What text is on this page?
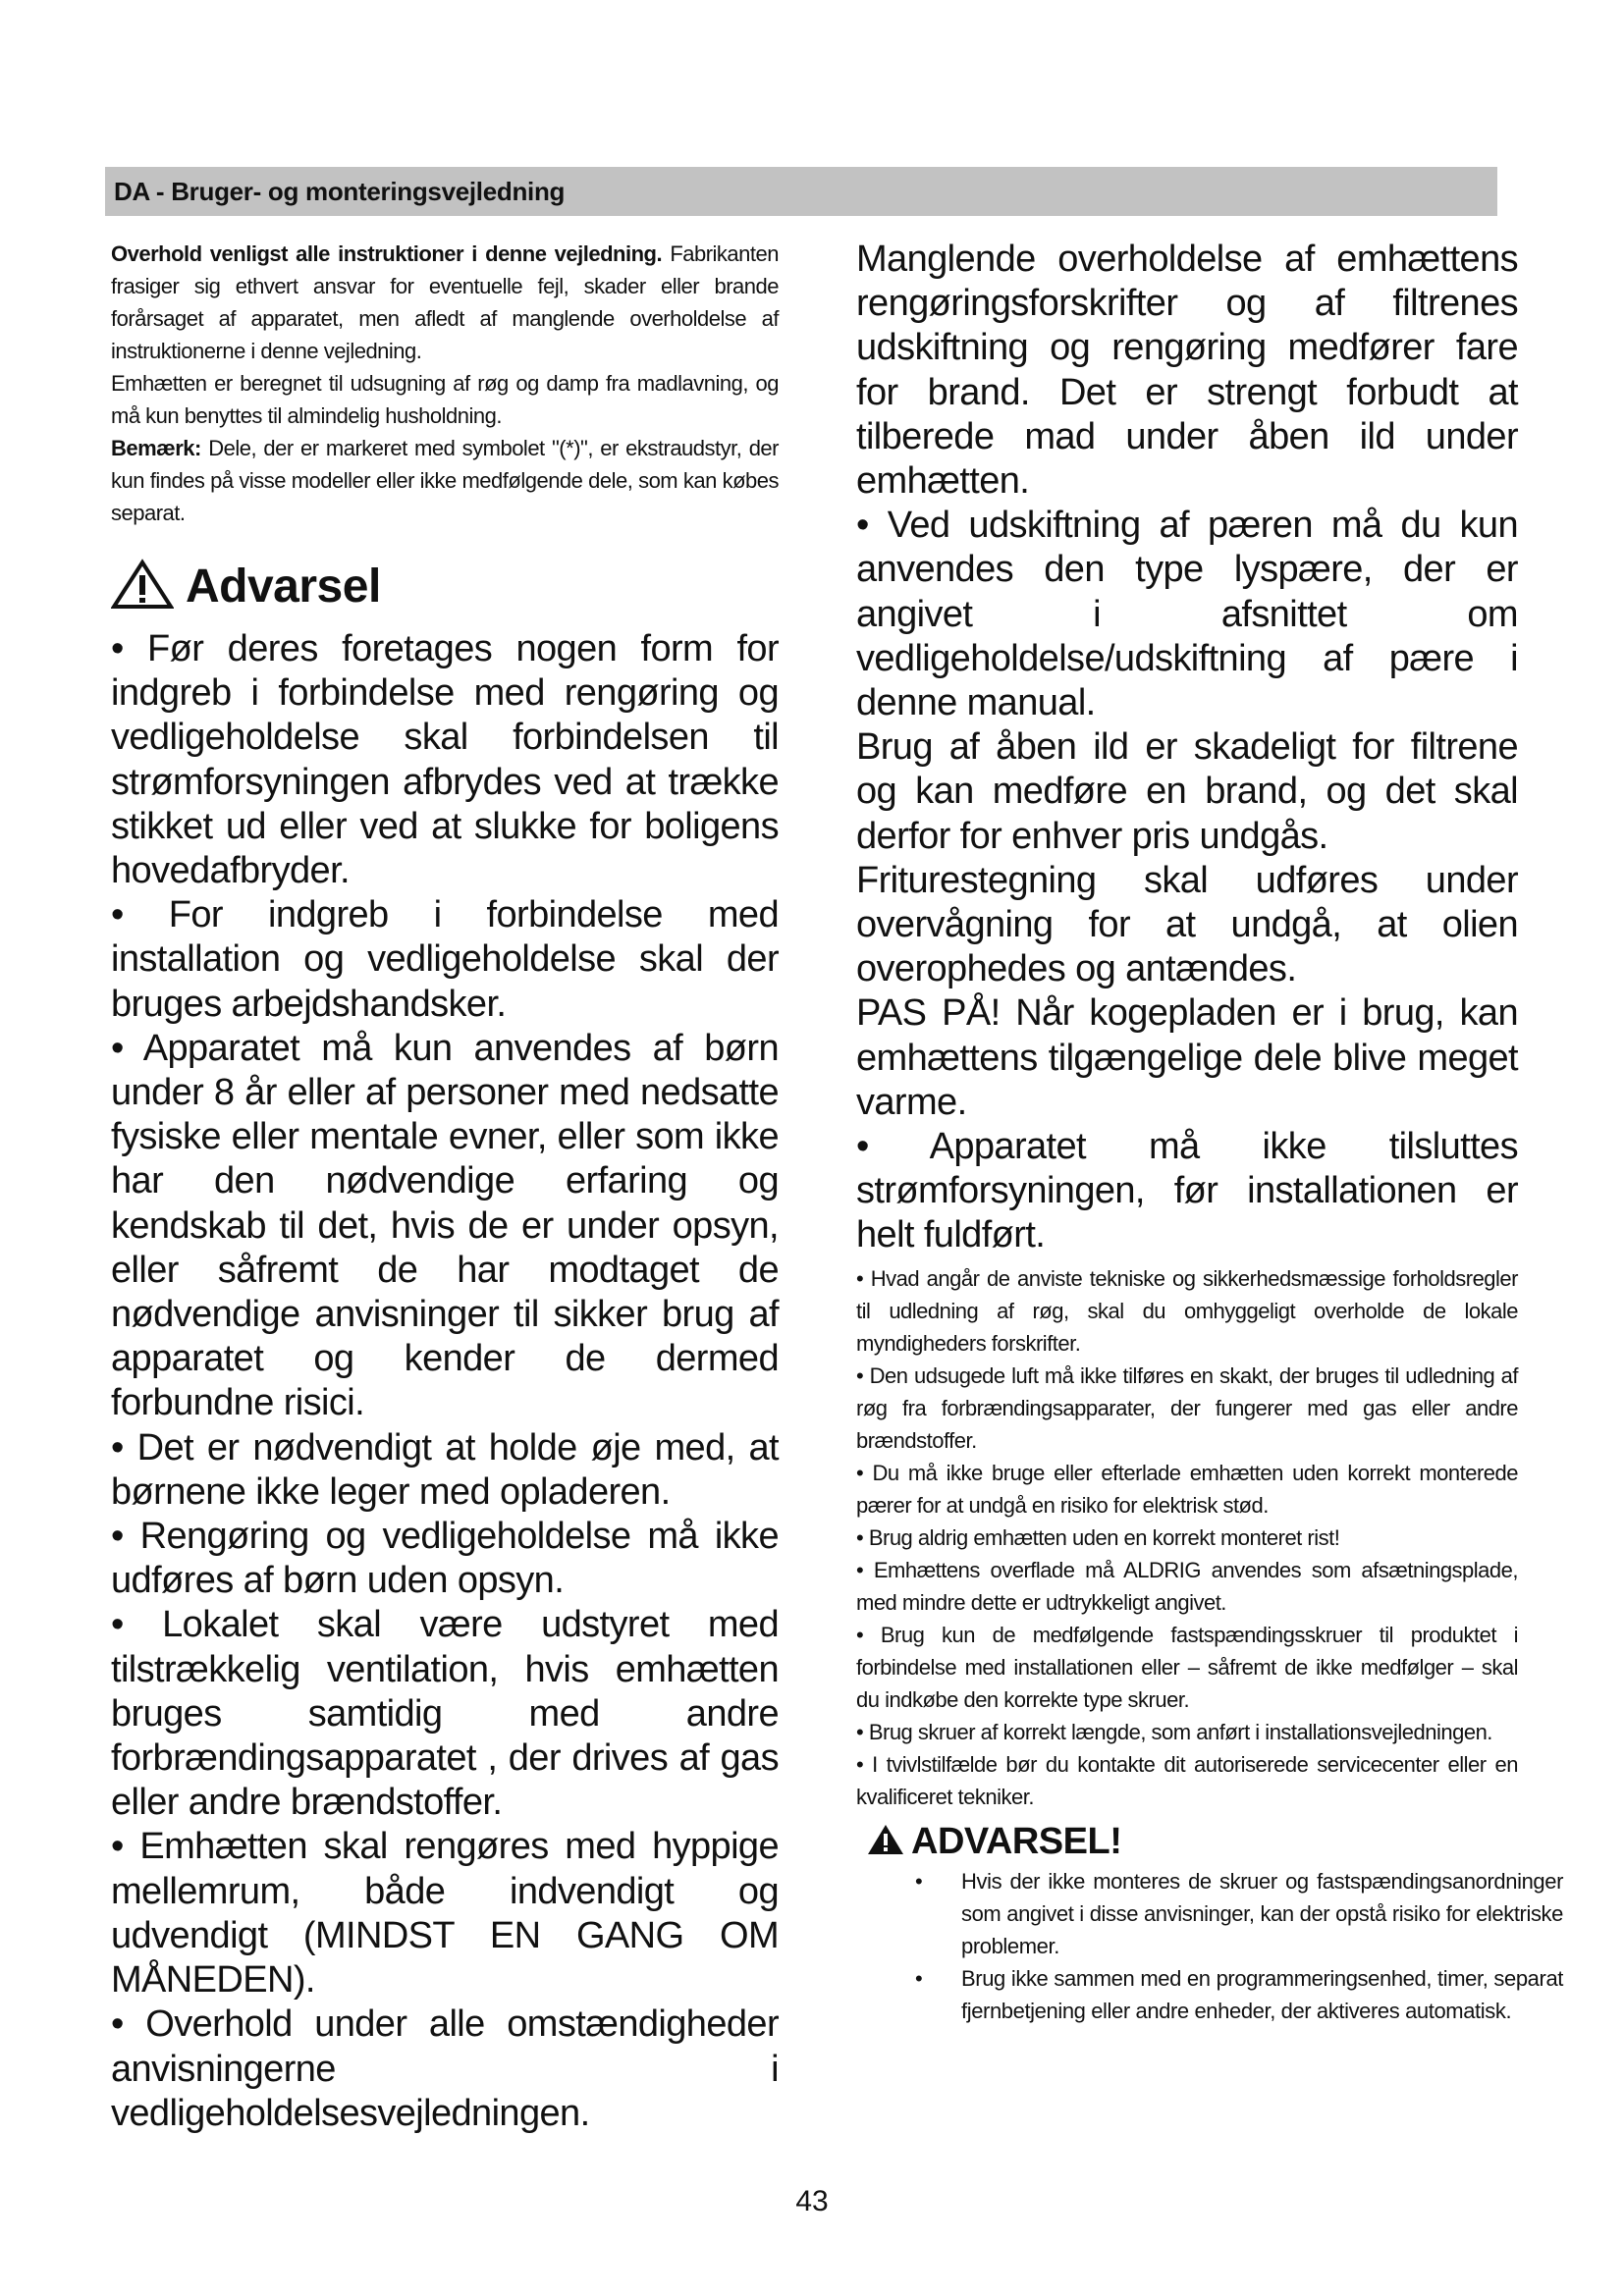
DA - Bruger- og monteringsvejledning

Overhold venligst alle instruktioner i denne vejledning. Fabrikanten frasiger sig ethvert ansvar for eventuelle fejl, skader eller brande forårsaget af apparatet, men afledt af manglende overholdelse af instruktionerne i denne vejledning.

Emhætten er beregnet til udsugning af røg og damp fra madlavning, og må kun benyttes til almindelig husholdning.

Bemærk: Dele, der er markeret med symbolet "(*)", er ekstraudstyr, der kun findes på visse modeller eller ikke medfølgende dele, som kan købes separat.

Advarsel

• Før deres foretages nogen form for indgreb i forbindelse med rengøring og vedligeholdelse skal forbindelsen til strømforsyningen afbrydes ved at trække stikket ud eller ved at slukke for boligens hovedafbryder.

• For indgreb i forbindelse med installation og vedligeholdelse skal der bruges arbejdshandsker.

• Apparatet må kun anvendes af børn under 8 år eller af personer med nedsatte fysiske eller mentale evner, eller som ikke har den nødvendige erfaring og kendskab til det, hvis de er under opsyn, eller såfremt de har modtaget de nødvendige anvisninger til sikker brug af apparatet og kender de dermed forbundne risici.

• Det er nødvendigt at holde øje med, at børnene ikke leger med opladeren.

• Rengøring og vedligeholdelse må ikke udføres af børn uden opsyn.

• Lokalet skal være udstyret med tilstrækkelig ventilation, hvis emhætten bruges samtidig med andre forbrændingsapparatet , der drives af gas eller andre brændstoffer.

• Emhætten skal rengøres med hyppige mellemrum, både indvendigt og udvendigt (MINDST EN GANG OM MÅNEDEN).

• Overhold under alle omstændigheder anvisningerne i vedligeholdelsesvejledningen.

Manglende overholdelse af emhættens rengøringsforskrifter og af filtrenes udskiftning og rengøring medfører fare for brand. Det er strengt forbudt at tilberede mad under åben ild under emhætten.

• Ved udskiftning af pæren må du kun anvendes den type lyspære, der er angivet i afsnittet om vedligeholdelse/udskiftning af pære i denne manual.

Brug af åben ild er skadeligt for filtrene og kan medføre en brand, og det skal derfor for enhver pris undgås.

Friturestegning skal udføres under overvågning for at undgå, at olien overophedes og antændes.

PAS PÅ! Når kogepladen er i brug, kan emhættens tilgængelige dele blive meget varme.

• Apparatet må ikke tilsluttes strømforsyningen, før installationen er helt fuldført.

• Hvad angår de anviste tekniske og sikkerhedsmæssige forholdsregler til udledning af røg, skal du omhyggeligt overholde de lokale myndigheders forskrifter.

• Den udsugede luft må ikke tilføres en skakt, der bruges til udledning af røg fra forbrændingsapparater, der fungerer med gas eller andre brændstoffer.

• Du må ikke bruge eller efterlade emhætten uden korrekt monterede pærer for at undgå en risiko for elektrisk stød.

• Brug aldrig emhætten uden en korrekt monteret rist!

• Emhættens overflade må ALDRIG anvendes som afsætningsplade, med mindre dette er udtrykkeligt angivet.

• Brug kun de medfølgende fastspændingsskruer til produktet i forbindelse med installationen eller – såfremt de ikke medfølger – skal du indkøbe den korrekte type skruer.

• Brug skruer af korrekt længde, som anført i installationsvejledningen.

• I tvivlstilfælde bør du kontakte dit autoriserede servicecenter eller en kvalificeret tekniker.

ADVARSEL!
•	Hvis der ikke monteres de skruer og fastspændingsanordninger som angivet i disse anvisninger, kan der opstå risiko for elektriske problemer.

•	Brug ikke sammen med en programmeringsenhed, timer, separat fjernbetjening eller andre enheder, der aktiveres automatisk.

43
